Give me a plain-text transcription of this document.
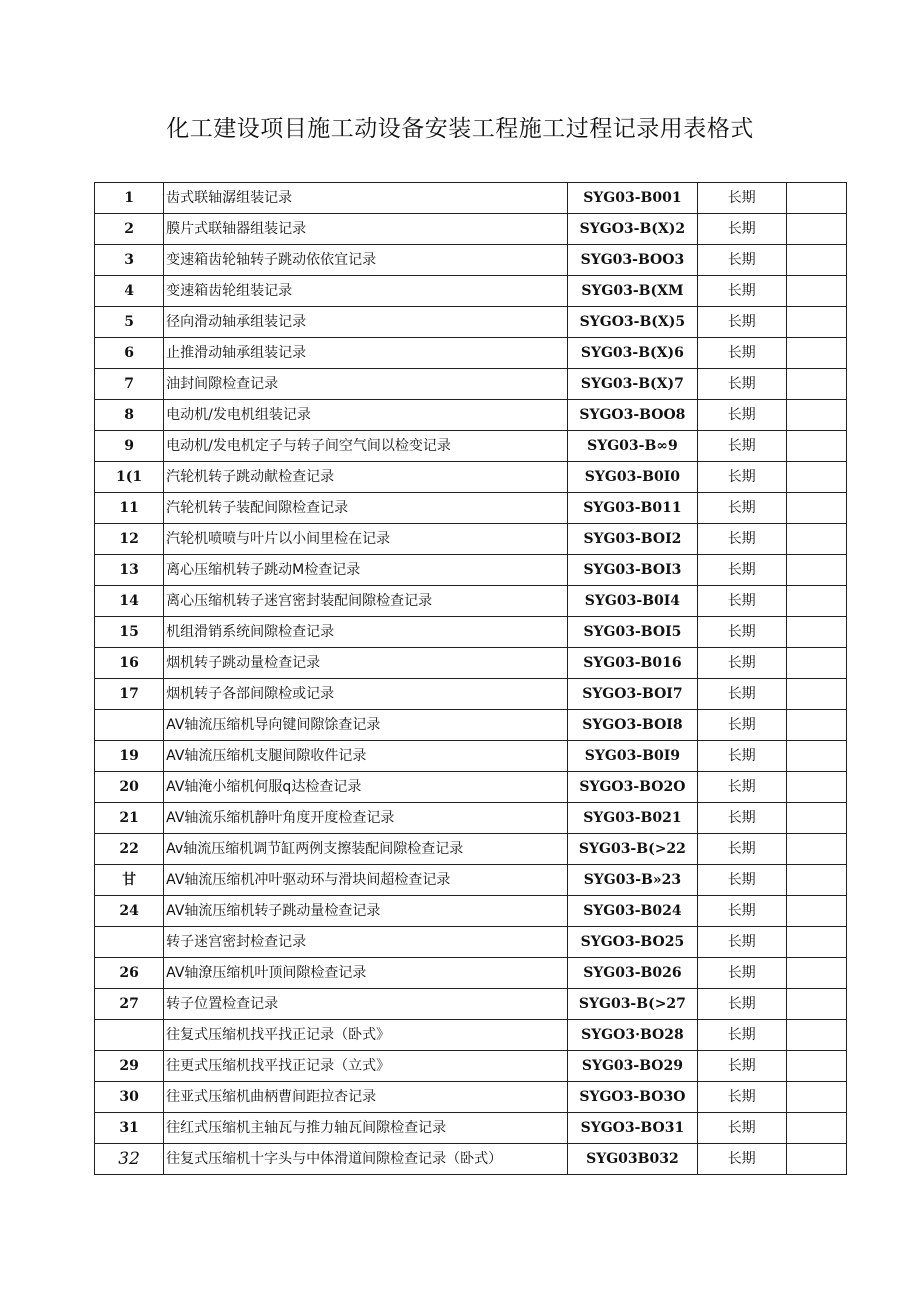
化工建设项目施工动设备安装工程施工过程记录用表格式
1	齿式联轴潺组装记录	SYG03-B001	长期	
2	膜片式联轴器组装记录	SYGO3-B(X)2	长期	
3	变速箱齿轮轴转子跳动依依宜记录	SYG03-BOO3	长期	
4	变速箱齿轮组装记录	SYG03-B(XM	长期	
5	径向滑动轴承组装记录	SYGO3-B(X)5	长期	
6	止推滑动轴承组装记录	SYG03-B(X)6	长期	
7	油封间隙检查记录	SYG03-B(X)7	长期	
8	电动机/发电机组装记录	SYGO3-BOO8	长期	
9	电动机/发电机定子与转子间空气间以检变记录	SYG03-B∞9	长期	
1(1	汽轮机转子跳动献检查记录	SYG03-B0I0	长期	
11	汽轮机转子装配间隙检查记录	SYG03-B011	长期	
12	汽轮机喷喷与叶片以小间里检在记录	SYG03-BOI2	长期	
13	离心压缩机转子跳动M检查记录	SYG03-BOI3	长期	
14	离心压缩机转子迷宫密封装配间隙检查记录	SYG03-B0I4	长期	
15	机组滑销系统间隙检查记录	SYG03-BOI5	长期	
16	烟机转子跳动量检查记录	SYG03-B016	长期	
17	烟机转子各部间隙检或记录	SYGO3-BOI7	长期	
	AV轴流压缩机导向键间隙馀查记录	SYGO3-BOI8	长期	
19	AV轴流压缩机支腿间隙收件记录	SYG03-B0I9	长期	
20	AV轴淹小缩机何服q达检查记录	SYGO3-BO2O	长期	
21	AV轴流乐缩机静叶角度开度检查记录	SYG03-B021	长期	
22	Av轴流压缩机调节缸两例支擦装配间隙检查记录	SYG03-B(>22	长期	
甘	AV轴流压缩机冲叶驱动环与滑块间超检查记录	SYG03-B»23	长期	
24	AV轴流压缩机转子跳动量检查记录	SYG03-B024	长期	
	转子迷宫密封检查记录	SYGO3-BO25	长期	
26	AV轴潦压缩机叶顶间隙检查记录	SYG03-B026	长期	
27	转子位置检查记录	SYG03-B(>27	长期	
	往复式压缩机找平找正记录（卧式》	SYGO3·BO28	长期	
29	往更式压缩机找平找正记录（立式》	SYG03-BO29	长期	
30	往亚式压缩机曲柄曹间距拉杏记录	SYGO3-BO3O	长期	
31	往红式压缩机主轴瓦与推力轴瓦间隙检查记录	SYGO3-BO31	长期	
32	往复式压缩机十字头与中体滑道间隙检查记录（卧式）	SYG03B032	长期	
